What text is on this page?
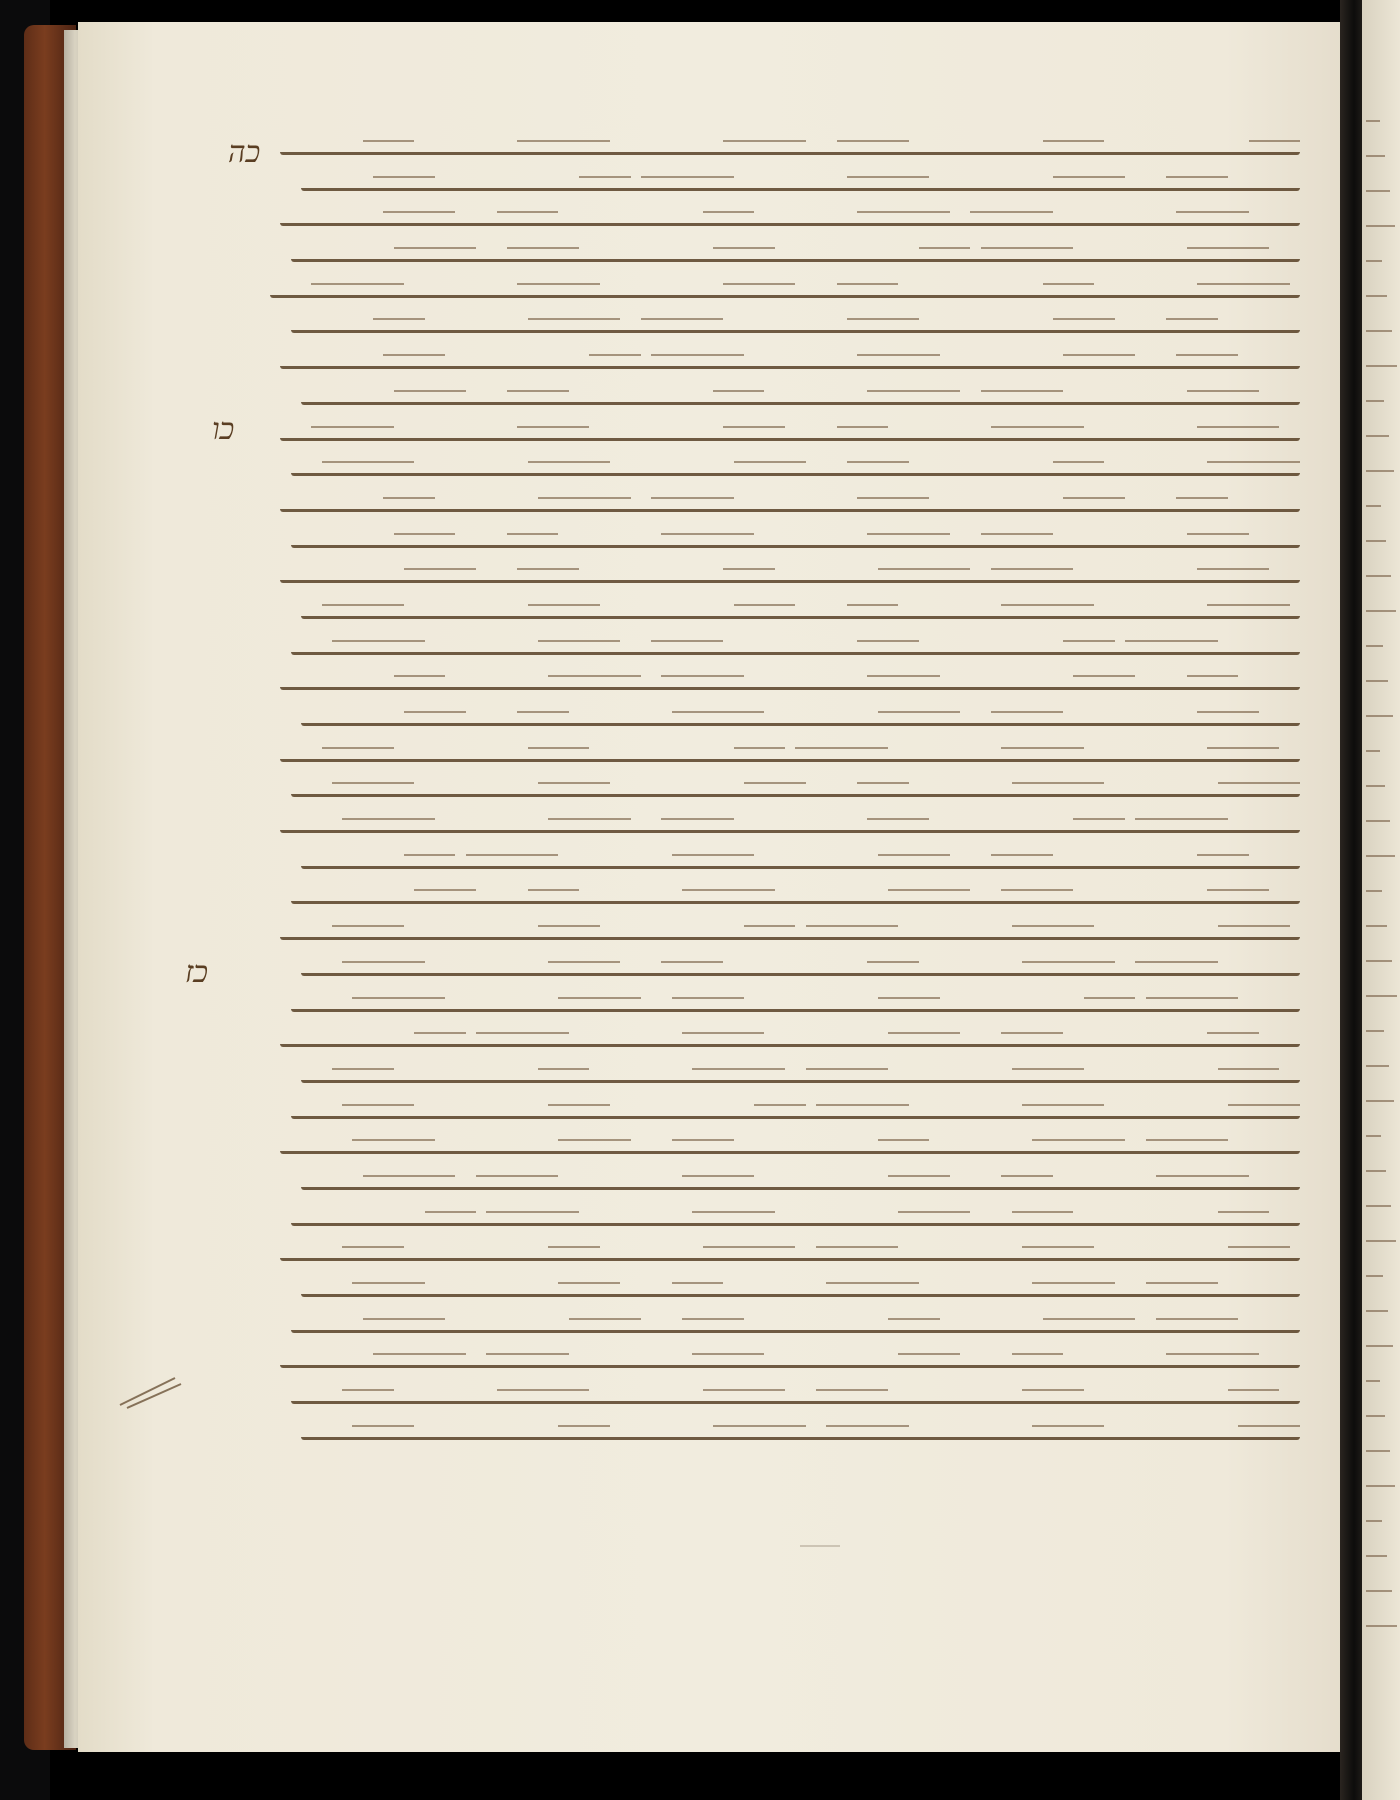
כה
כו
כז
